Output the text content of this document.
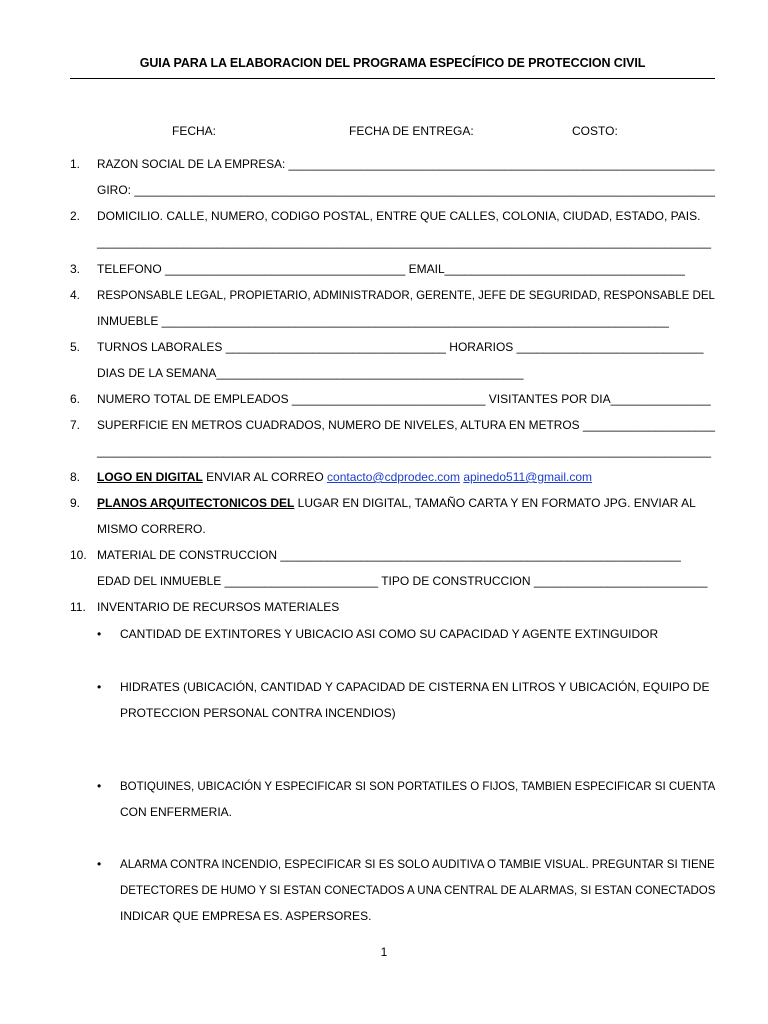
GUIA PARA LA ELABORACION DEL PROGRAMA ESPECÍFICO DE PROTECCION CIVIL
FECHA:	FECHA DE ENTREGA:	COSTO:
1. RAZON SOCIAL DE LA EMPRESA: _________________________________________________________________
GIRO: _______________________________________________________________________________________
2. DOMICILIO. CALLE, NUMERO, CODIGO POSTAL, ENTRE QUE CALLES, COLONIA, CIUDAD, ESTADO, PAIS.
____________________________________________________________________________________________
3. TELEFONO ____________________________________ EMAIL____________________________________
4. RESPONSABLE LEGAL, PROPIETARIO, ADMINISTRADOR, GERENTE, JEFE DE SEGURIDAD, RESPONSABLE DEL
INMUEBLE ____________________________________________________________________________
5. TURNOS LABORALES _________________________________ HORARIOS ____________________________
DIAS DE LA SEMANA______________________________________________
6. NUMERO TOTAL DE EMPLEADOS _____________________________ VISITANTES POR DIA_______________
7. SUPERFICIE EN METROS CUADRADOS, NUMERO DE NIVELES, ALTURA EN METROS ____________________
____________________________________________________________________________________________
8. LOGO EN DIGITAL ENVIAR AL CORREO contacto@cdprodec.com apinedo511@gmail.com
9. PLANOS ARQUITECTONICOS DEL LUGAR EN DIGITAL, TAMAÑO CARTA Y EN FORMATO JPG. ENVIAR AL
MISMO CORRERO.
10. MATERIAL DE CONSTRUCCION ____________________________________________________________
EDAD DEL INMUEBLE _______________________ TIPO DE CONSTRUCCION __________________________
11. INVENTARIO DE RECURSOS MATERIALES
• CANTIDAD DE EXTINTORES Y UBICACIO ASI COMO SU CAPACIDAD Y AGENTE EXTINGUIDOR
• HIDRATES (UBICACIÓN, CANTIDAD Y CAPACIDAD DE CISTERNA EN LITROS Y UBICACIÓN, EQUIPO DE
PROTECCION PERSONAL CONTRA INCENDIOS)
• BOTIQUINES, UBICACIÓN Y ESPECIFICAR SI SON PORTATILES O FIJOS, TAMBIEN ESPECIFICAR SI CUENTA
CON ENFERMERIA.
• ALARMA CONTRA INCENDIO, ESPECIFICAR SI ES SOLO AUDITIVA O TAMBIE VISUAL. PREGUNTAR SI TIENE
DETECTORES DE HUMO Y SI ESTAN CONECTADOS A UNA CENTRAL DE ALARMAS, SI ESTAN CONECTADOS
INDICAR QUE EMPRESA ES. ASPERSORES.
1
